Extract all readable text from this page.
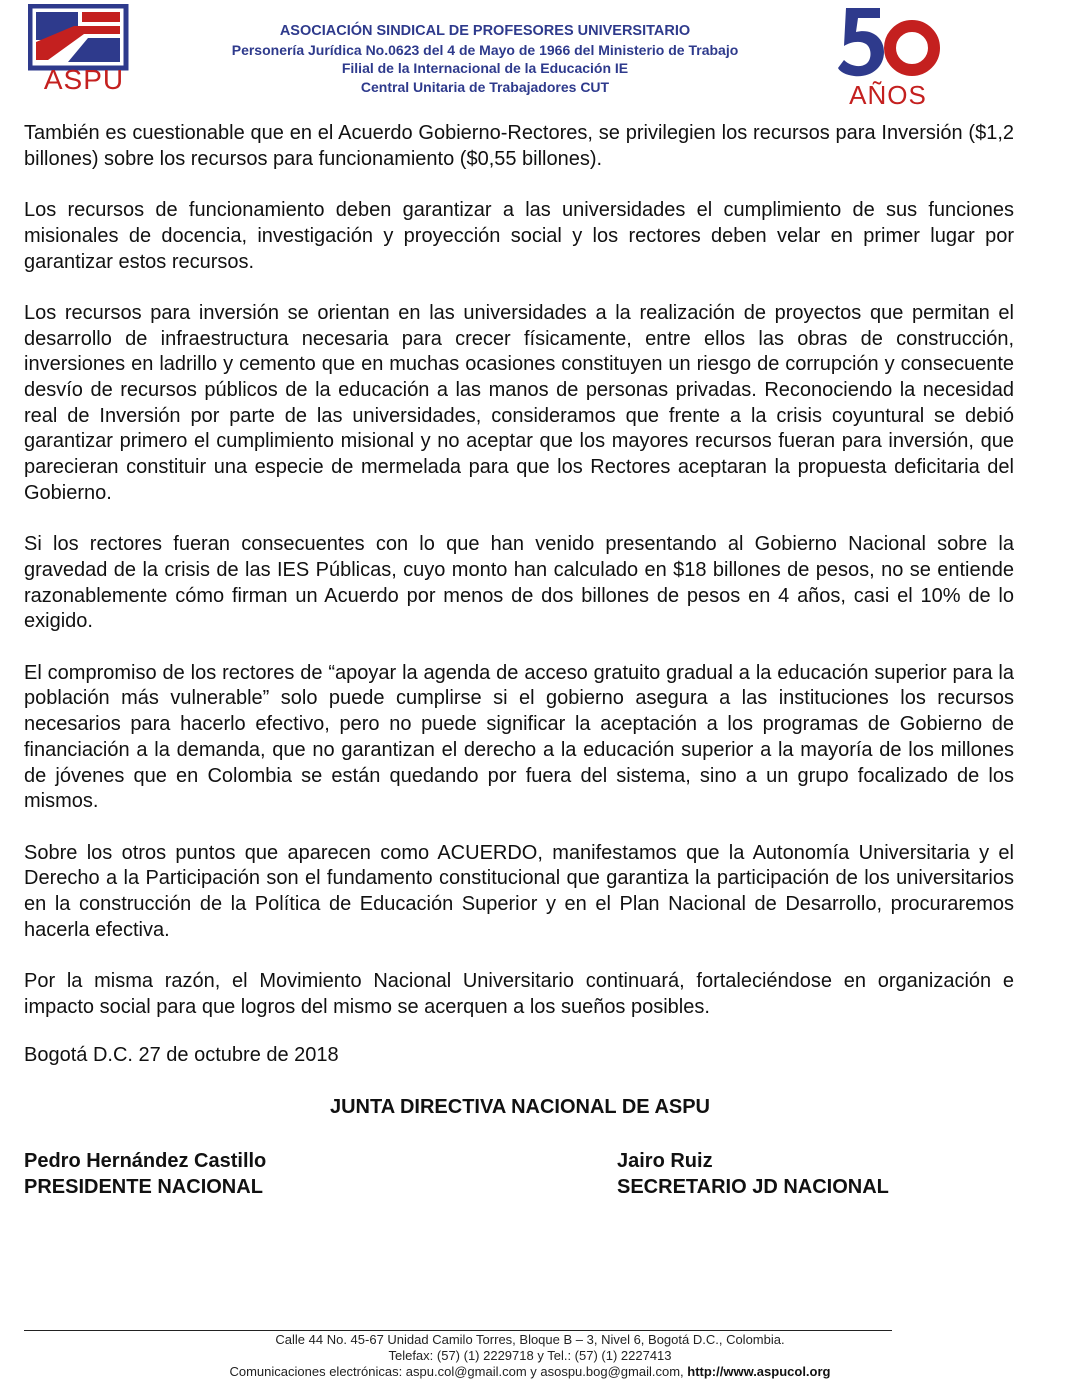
ASPU
ASOCIACIÓN SINDICAL DE PROFESORES UNIVERSITARIO
Personería Jurídica No.0623 del 4 de Mayo de 1966 del Ministerio de Trabajo
Filial de la Internacional de la Educación IE
Central Unitaria de Trabajadores CUT	AÑOS

También es cuestionable que en el Acuerdo Gobierno-Rectores, se privilegien los recursos para Inversión ($1,2 billones) sobre los recursos para funcionamiento ($0,55 billones).

Los recursos de funcionamiento deben garantizar a las universidades el cumplimiento de sus funciones misionales de docencia, investigación y proyección social y los rectores deben velar en primer lugar por garantizar estos recursos.

Los recursos para inversión se orientan en las universidades a la realización de proyectos que permitan el desarrollo de infraestructura necesaria para crecer físicamente, entre ellos las obras de construcción, inversiones en ladrillo y cemento que en muchas ocasiones constituyen un riesgo de corrupción y consecuente desvío de recursos públicos de la educación a las manos de personas privadas. Reconociendo la necesidad real de Inversión por parte de las universidades, consideramos que frente a la crisis coyuntural se debió garantizar primero el cumplimiento misional y no aceptar que los mayores recursos fueran para inversión, que parecieran constituir una especie de mermelada para que los Rectores aceptaran la propuesta deficitaria del Gobierno.

Si los rectores fueran consecuentes con lo que han venido presentando al Gobierno Nacional sobre la gravedad de la crisis de las IES Públicas, cuyo monto han calculado en $18 billones de pesos, no se entiende razonablemente cómo firman un Acuerdo por menos de dos billones de pesos en 4 años, casi el 10% de lo exigido.

El compromiso de los rectores de “apoyar la agenda de acceso gratuito gradual a la educación superior para la población más vulnerable” solo puede cumplirse si el gobierno asegura a las instituciones los recursos necesarios para hacerlo efectivo, pero no puede significar la aceptación a los programas de Gobierno de financiación a la demanda, que no garantizan el derecho a la educación superior a la mayoría de los millones de jóvenes que en Colombia se están quedando por fuera del sistema, sino a un grupo focalizado de los mismos.

Sobre los otros puntos que aparecen como ACUERDO, manifestamos que la Autonomía Universitaria y el Derecho a la Participación son el fundamento constitucional que garantiza la participación de los universitarios en la construcción de la Política de Educación Superior y en el Plan Nacional de Desarrollo, procuraremos hacerla efectiva.

Por la misma razón, el Movimiento Nacional Universitario continuará, fortaleciéndose en organización e impacto social para que logros del mismo se acerquen a los sueños posibles.

Bogotá D.C. 27 de octubre de 2018
JUNTA DIRECTIVA NACIONAL DE ASPU
Pedro Hernández Castillo
PRESIDENTE NACIONAL
Jairo Ruiz
SECRETARIO JD NACIONAL
Calle 44 No. 45-67 Unidad Camilo Torres, Bloque B – 3, Nivel 6, Bogotá D.C., Colombia.
Telefax: (57) (1) 2229718 y Tel.: (57) (1) 2227413
Comunicaciones electrónicas: aspu.col@gmail.com y asospu.bog@gmail.com, http://www.aspucol.org
